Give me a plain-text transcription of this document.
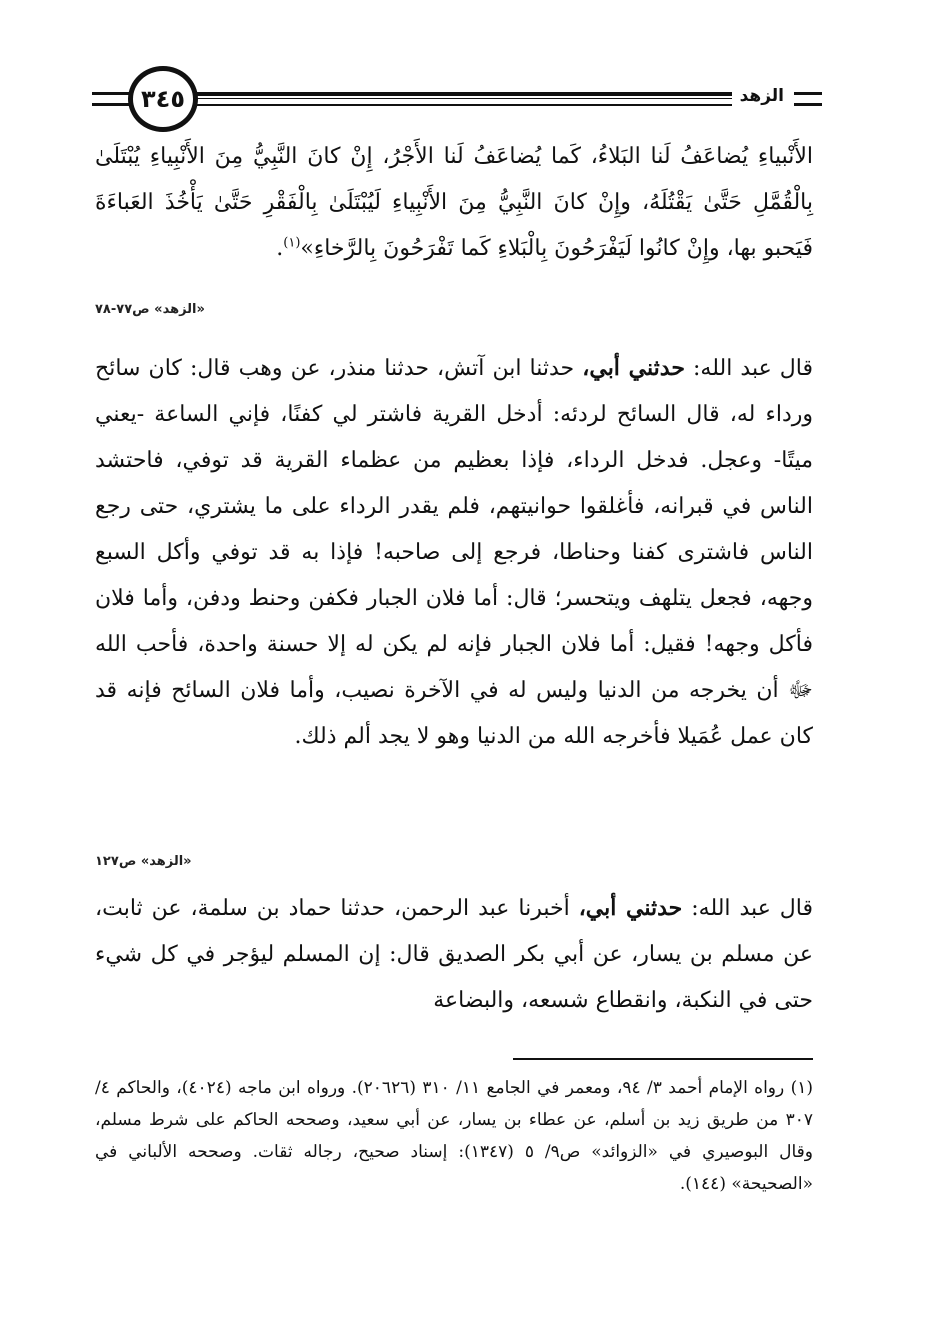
٣٤٥	الزهد

الأَنْبياءِ يُضاعَفُ لَنا البَلاءُ، كَما يُضاعَفُ لَنا الأَجْرُ، إِنْ كانَ النَّبِيُّ مِنَ الأَنْبِياءِ يُبْتَلَىٰ بِالْقُمَّلِ حَتَّىٰ يَقْتُلَهُ، وإِنْ كانَ النَّبِيُّ مِنَ الأَنْبِياءِ لَيُبْتَلَىٰ بِالْفَقْرِ حَتَّىٰ يَأْخُذَ العَباءَةَ فَيَحبو بها، وإِنْ كانُوا لَيَفْرَحُونَ بِالْبَلاءِ كَما تَفْرَحُونَ بِالرَّخاءِ»$^{(١)}$.

«الزهد» ص٧٧-٧٨

قال عبد الله: حدثني أبي، حدثنا ابن آتش، حدثنا منذر، عن وهب قال: كان سائح ورداء له، قال السائح لردئه: أدخل القرية فاشتر لي كفنًا، فإني الساعة -يعني ميتًا- وعجل. فدخل الرداء، فإذا بعظيم من عظماء القرية قد توفي، فاحتشد الناس في قبرانه، فأغلقوا حوانيتهم، فلم يقدر الرداء على ما يشتري، حتى رجع الناس فاشترى كفنا وحناطا، فرجع إلى صاحبه! فإذا به قد توفي وأكل السبع وجهه، فجعل يتلهف ويتحسر؛ قال: أما فلان الجبار فكفن وحنط ودفن، وأما فلان فأكل وجهه! فقيل: أما فلان الجبار فإنه لم يكن له إلا حسنة واحدة، فأحب الله ﷻ أن يخرجه من الدنيا وليس له في الآخرة نصيب، وأما فلان السائح فإنه قد كان عمل عُمَيلا فأخرجه الله من الدنيا وهو لا يجد ألم ذلك.

«الزهد» ص١٢٧

قال عبد الله: حدثني أبي، أخبرنا عبد الرحمن، حدثنا حماد بن سلمة، عن ثابت، عن مسلم بن يسار، عن أبي بكر الصديق قال: إن المسلم ليؤجر في كل شيء حتى في النكبة، وانقطاع شسعه، والبضاعة

(١) رواه الإمام أحمد ٣/ ٩٤، ومعمر في الجامع ١١/ ٣١٠ (٢٠٦٢٦). ورواه ابن ماجه (٤٠٢٤)، والحاكم ٤/ ٣٠٧ من طريق زيد بن أسلم، عن عطاء بن يسار، عن أبي سعيد، وصححه الحاكم على شرط مسلم، وقال البوصيري في «الزوائد» ص٩/ ٥ (١٣٤٧): إسناد صحيح، رجاله ثقات. وصححه الألباني في «الصحيحة» (١٤٤).
